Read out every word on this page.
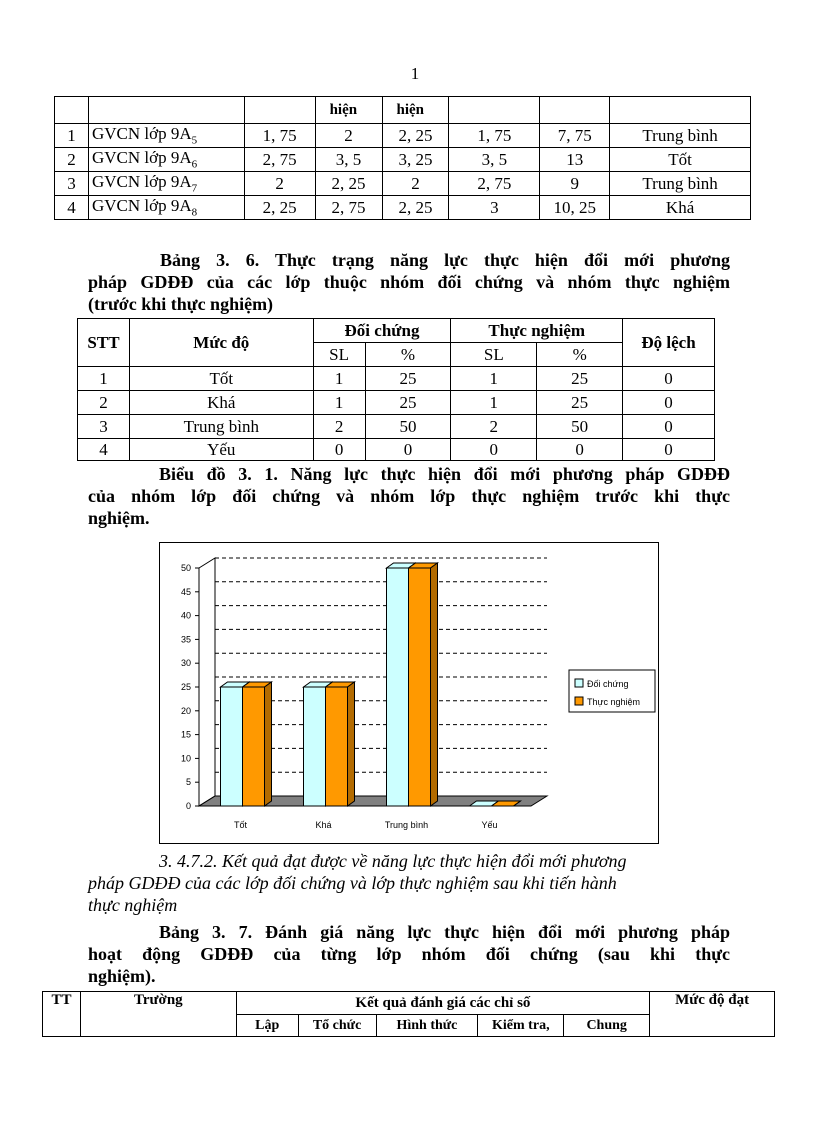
1
			hiện	hiện			
1	GVCN lớp $9A_5$	1, 75	2	2, 25	1, 75	7, 75	Trung bình
2	GVCN lớp $9A_6$	2, 75	3, 5	3, 25	3, 5	13	Tốt
3	GVCN lớp $9A_7$	2	2, 25	2	2, 75	9	Trung bình
4	GVCN lớp $9A_8$	2, 25	2, 75	2, 25	3	10, 25	Khá
Bảng 3. 6. Thực trạng năng lực thực hiện đổi mới phương
pháp GDĐĐ của các lớp thuộc nhóm đối chứng và nhóm thực nghiệm
(trước khi thực nghiệm)
STT	Mức độ	Đối chứng		Thực nghiệm		Độ lệch
		SL	%	SL	%	
1	Tốt	1	25	1	25	0
2	Khá	1	25	1	25	0
3	Trung bình	2	50	2	50	0
4	Yếu	0	0	0	0	0
Biểu đồ 3. 1. Năng lực thực hiện đổi mới phương pháp GDĐĐ
của nhóm lớp đối chứng và nhóm lớp thực nghiệm trước khi thực
nghiệm.
0
5
10
15
20
25
30
35
40
45
50
Tốt	Khá	Trung bình	Yếu
Đối chứng
Thực nghiệm
3. 4.7.2. Kết quả đạt được về năng lực thực hiện đổi mới phương
pháp GDĐĐ của các lớp đối chứng và lớp thực nghiệm sau khi tiến hành
thực nghiệm
Bảng 3. 7. Đánh giá năng lực thực hiện đổi mới phương pháp
hoạt động GDĐĐ của từng lớp nhóm đối chứng (sau khi thực
nghiệm).
TT	Trường	Kết quả đánh giá các chỉ số					Mức độ đạt
		Lập	Tổ chức	Hình thức	Kiểm tra,	Chung	
